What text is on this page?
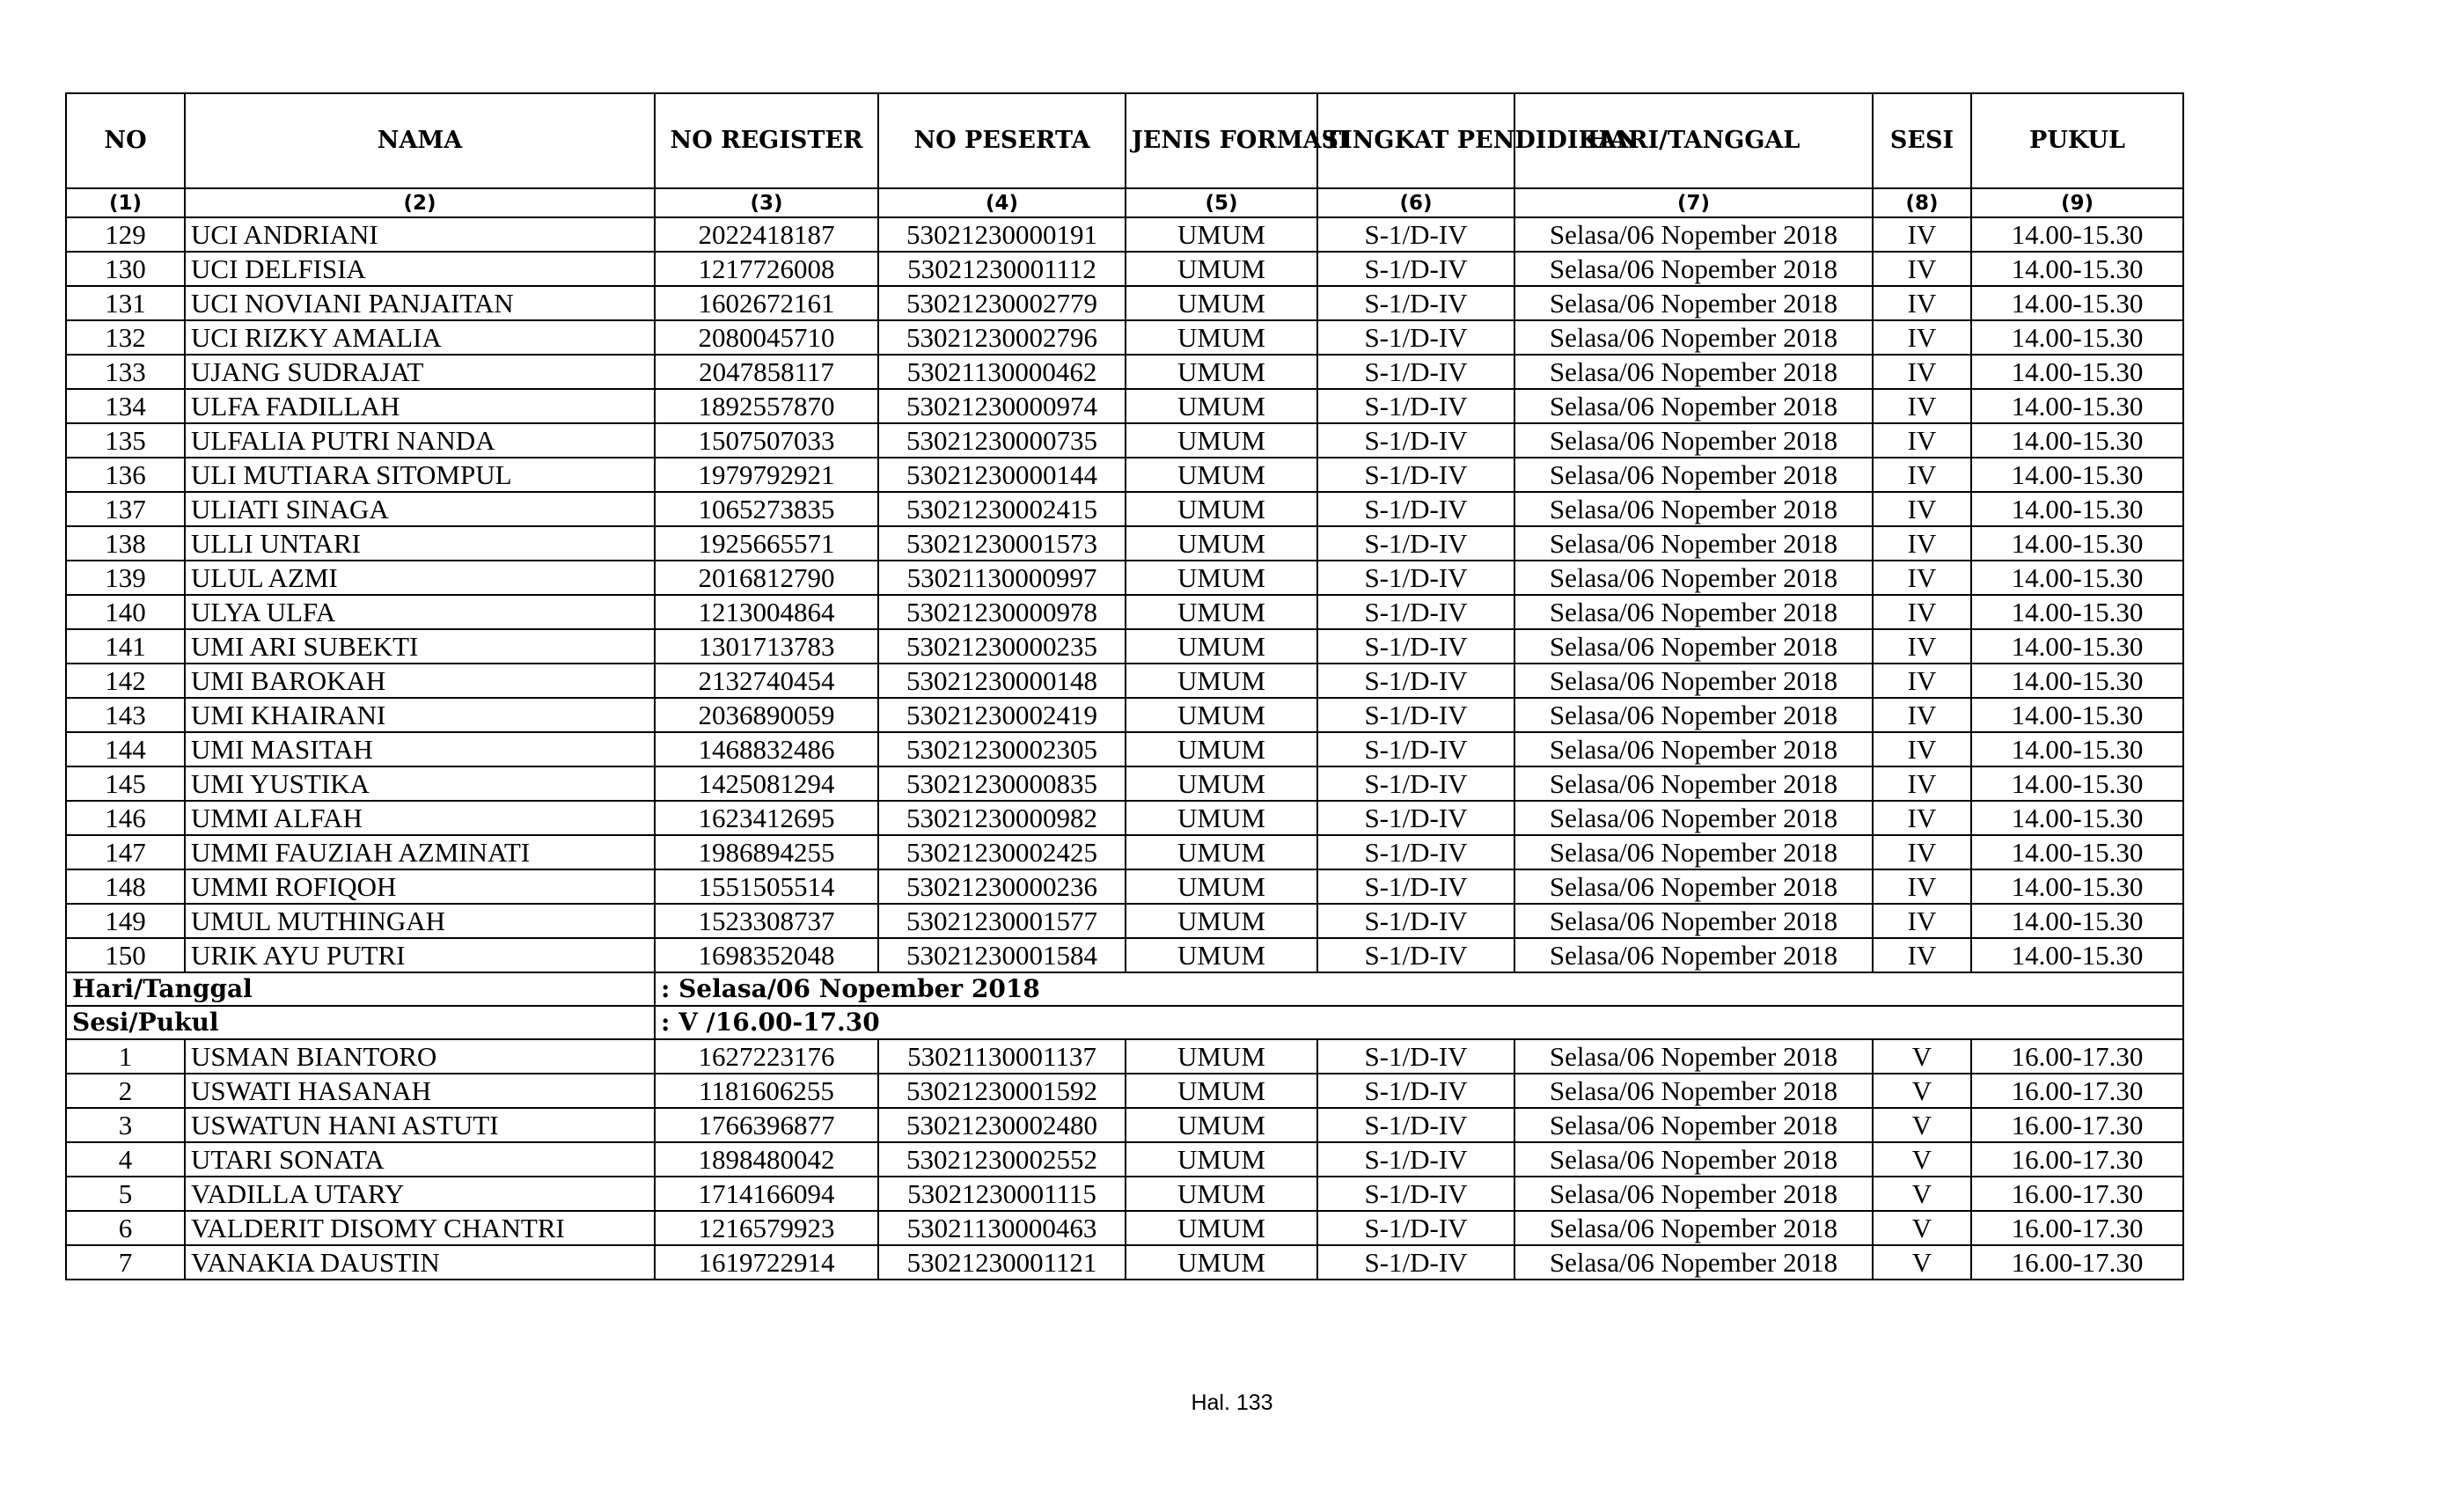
NO	NAMA	NO REGISTER	NO PESERTA	JENIS FORMASI	TINGKAT PENDIDIKAN	HARI/TANGGAL	SESI	PUKUL
(1)	(2)	(3)	(4)	(5)	(6)	(7)	(8)	(9)
129	UCI ANDRIANI	2022418187	53021230000191	UMUM	S-1/D-IV	Selasa/06 Nopember 2018	IV	14.00-15.30
130	UCI DELFISIA	1217726008	53021230001112	UMUM	S-1/D-IV	Selasa/06 Nopember 2018	IV	14.00-15.30
131	UCI NOVIANI PANJAITAN	1602672161	53021230002779	UMUM	S-1/D-IV	Selasa/06 Nopember 2018	IV	14.00-15.30
132	UCI RIZKY AMALIA	2080045710	53021230002796	UMUM	S-1/D-IV	Selasa/06 Nopember 2018	IV	14.00-15.30
133	UJANG SUDRAJAT	2047858117	53021130000462	UMUM	S-1/D-IV	Selasa/06 Nopember 2018	IV	14.00-15.30
134	ULFA FADILLAH	1892557870	53021230000974	UMUM	S-1/D-IV	Selasa/06 Nopember 2018	IV	14.00-15.30
135	ULFALIA PUTRI NANDA	1507507033	53021230000735	UMUM	S-1/D-IV	Selasa/06 Nopember 2018	IV	14.00-15.30
136	ULI MUTIARA SITOMPUL	1979792921	53021230000144	UMUM	S-1/D-IV	Selasa/06 Nopember 2018	IV	14.00-15.30
137	ULIATI SINAGA	1065273835	53021230002415	UMUM	S-1/D-IV	Selasa/06 Nopember 2018	IV	14.00-15.30
138	ULLI UNTARI	1925665571	53021230001573	UMUM	S-1/D-IV	Selasa/06 Nopember 2018	IV	14.00-15.30
139	ULUL AZMI	2016812790	53021130000997	UMUM	S-1/D-IV	Selasa/06 Nopember 2018	IV	14.00-15.30
140	ULYA ULFA	1213004864	53021230000978	UMUM	S-1/D-IV	Selasa/06 Nopember 2018	IV	14.00-15.30
141	UMI ARI SUBEKTI	1301713783	53021230000235	UMUM	S-1/D-IV	Selasa/06 Nopember 2018	IV	14.00-15.30
142	UMI BAROKAH	2132740454	53021230000148	UMUM	S-1/D-IV	Selasa/06 Nopember 2018	IV	14.00-15.30
143	UMI KHAIRANI	2036890059	53021230002419	UMUM	S-1/D-IV	Selasa/06 Nopember 2018	IV	14.00-15.30
144	UMI MASITAH	1468832486	53021230002305	UMUM	S-1/D-IV	Selasa/06 Nopember 2018	IV	14.00-15.30
145	UMI YUSTIKA	1425081294	53021230000835	UMUM	S-1/D-IV	Selasa/06 Nopember 2018	IV	14.00-15.30
146	UMMI ALFAH	1623412695	53021230000982	UMUM	S-1/D-IV	Selasa/06 Nopember 2018	IV	14.00-15.30
147	UMMI FAUZIAH AZMINATI	1986894255	53021230002425	UMUM	S-1/D-IV	Selasa/06 Nopember 2018	IV	14.00-15.30
148	UMMI ROFIQOH	1551505514	53021230000236	UMUM	S-1/D-IV	Selasa/06 Nopember 2018	IV	14.00-15.30
149	UMUL MUTHINGAH	1523308737	53021230001577	UMUM	S-1/D-IV	Selasa/06 Nopember 2018	IV	14.00-15.30
150	URIK AYU PUTRI	1698352048	53021230001584	UMUM	S-1/D-IV	Selasa/06 Nopember 2018	IV	14.00-15.30
Hari/Tanggal		: Selasa/06 Nopember 2018						
Sesi/Pukul		: V /16.00-17.30						
1	USMAN BIANTORO	1627223176	53021130001137	UMUM	S-1/D-IV	Selasa/06 Nopember 2018	V	16.00-17.30
2	USWATI HASANAH	1181606255	53021230001592	UMUM	S-1/D-IV	Selasa/06 Nopember 2018	V	16.00-17.30
3	USWATUN HANI ASTUTI	1766396877	53021230002480	UMUM	S-1/D-IV	Selasa/06 Nopember 2018	V	16.00-17.30
4	UTARI SONATA	1898480042	53021230002552	UMUM	S-1/D-IV	Selasa/06 Nopember 2018	V	16.00-17.30
5	VADILLA UTARY	1714166094	53021230001115	UMUM	S-1/D-IV	Selasa/06 Nopember 2018	V	16.00-17.30
6	VALDERIT DISOMY CHANTRI	1216579923	53021130000463	UMUM	S-1/D-IV	Selasa/06 Nopember 2018	V	16.00-17.30
7	VANAKIA DAUSTIN	1619722914	53021230001121	UMUM	S-1/D-IV	Selasa/06 Nopember 2018	V	16.00-17.30
Hal. 133
